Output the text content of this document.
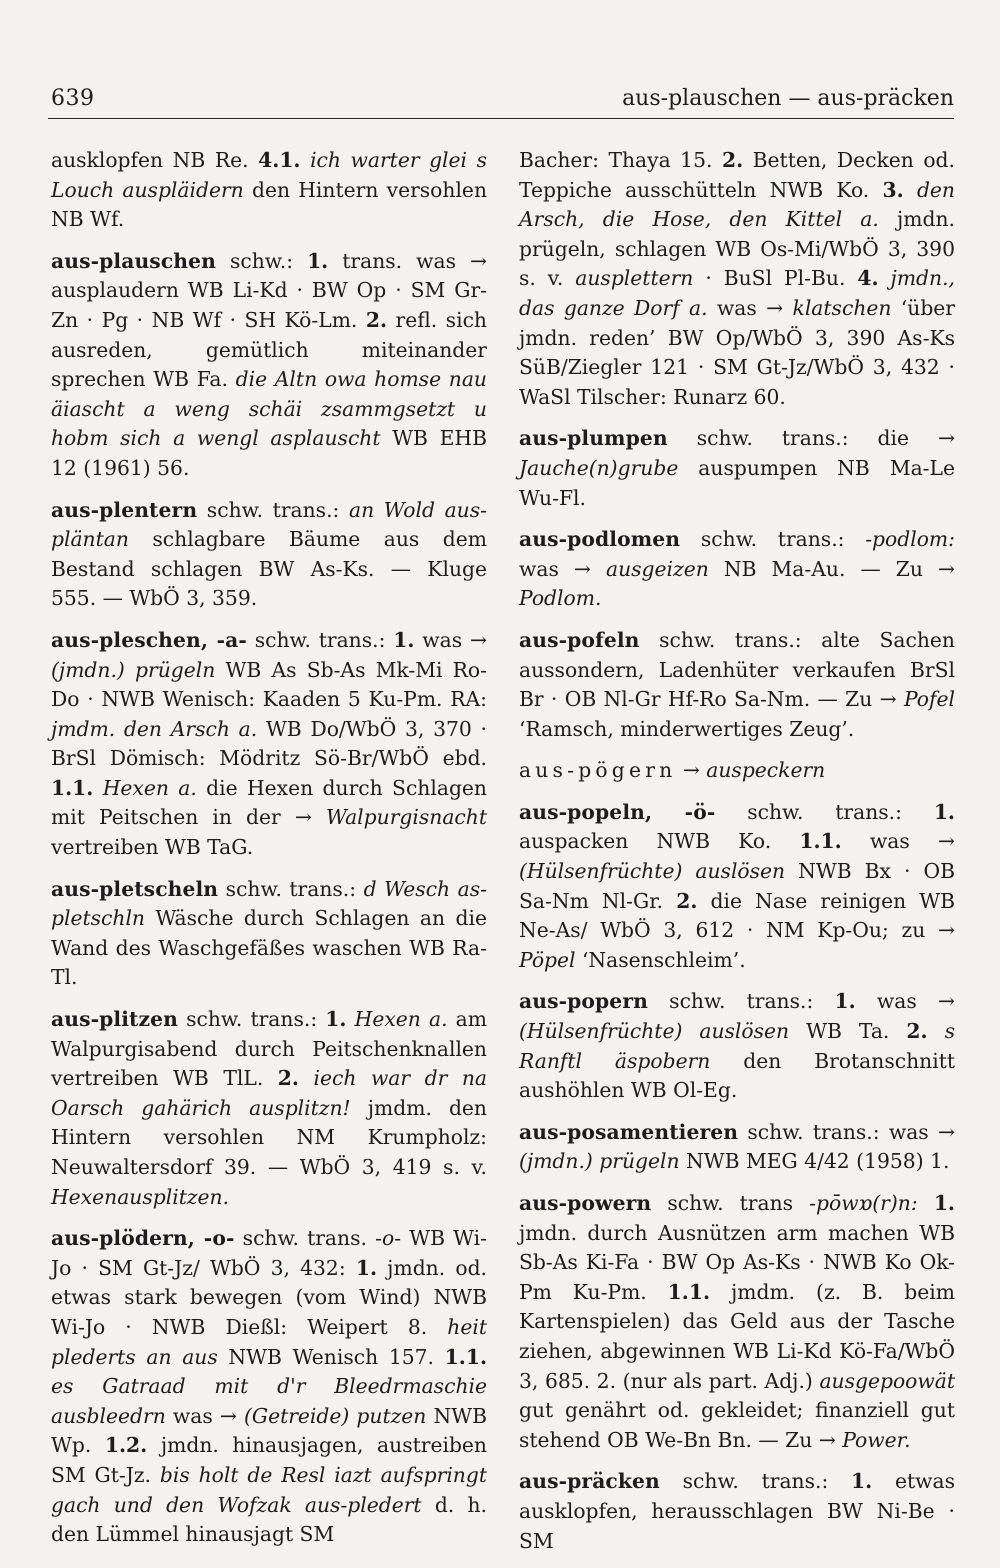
639	aus-plauschen — aus-präcken

ausklopfen NB Re. 4.1. ich warter glei s Louch auspläidern den Hintern versohlen NB Wf.

aus-plauschen schw.: 1. trans. was → ausplaudern WB Li-Kd · BW Op · SM Gr-Zn · Pg · NB Wf · SH Kö-Lm. 2. refl. sich ausreden, gemütlich miteinander sprechen WB Fa. die Altn owa homse nau äiascht a weng schäi zsammgsetzt u hobm sich a wengl asplauscht WB EHB 12 (1961) 56.

aus-plentern schw. trans.: an Wold aus-pläntan schlagbare Bäume aus dem Bestand schlagen BW As-Ks. — Kluge 555. — WbÖ 3, 359.

aus-pleschen, -a- schw. trans.: 1. was → (jmdn.) prügeln WB As Sb-As Mk-Mi Ro-Do · NWB Wenisch: Kaaden 5 Ku-Pm. RA: jmdm. den Arsch a. WB Do/WbÖ 3, 370 · BrSl Dömisch: Mödritz Sö-Br/WbÖ ebd. 1.1. Hexen a. die Hexen durch Schlagen mit Peitschen in der → Walpurgisnacht vertreiben WB TaG.

aus-pletscheln schw. trans.: d Wesch as-pletschln Wäsche durch Schlagen an die Wand des Waschgefäßes waschen WB Ra-Tl.

aus-plitzen schw. trans.: 1. Hexen a. am Walpurgisabend durch Peitschenknallen vertreiben WB TlL. 2. iech war dr na Oarsch gahärich ausplitzn! jmdm. den Hintern versohlen NM Krumpholz: Neuwaltersdorf 39. — WbÖ 3, 419 s. v. Hexenausplitzen.

aus-plödern, -o- schw. trans. -o- WB Wi-Jo · SM Gt-Jz/ WbÖ 3, 432: 1. jmdn. od. etwas stark bewegen (vom Wind) NWB Wi-Jo · NWB Dießl: Weipert 8. heit plederts an aus NWB Wenisch 157. 1.1. es Gatraad mit d'r Bleedrmaschie ausbleedrn was → (Getreide) putzen NWB Wp. 1.2. jmdn. hinausjagen, austreiben SM Gt-Jz. bis holt de Resl iazt aufspringt gach und den Wofzak aus-pledert d. h. den Lümmel hinausjagt SM

Bacher: Thaya 15. 2. Betten, Decken od. Teppiche ausschütteln NWB Ko. 3. den Arsch, die Hose, den Kittel a. jmdn. prügeln, schlagen WB Os-Mi/WbÖ 3, 390 s. v. ausplettern · BuSl Pl-Bu. 4. jmdn., das ganze Dorf a. was → klatschen ‘über jmdn. reden’ BW Op/WbÖ 3, 390 As-Ks SüB/Ziegler 121 · SM Gt-Jz/WbÖ 3, 432 · WaSl Tilscher: Runarz 60.

aus-plumpen schw. trans.: die → Jauche(n)grube auspumpen NB Ma-Le Wu-Fl.

aus-podlomen schw. trans.: -podlom: was → ausgeizen NB Ma-Au. — Zu → Podlom.

aus-pofeln schw. trans.: alte Sachen aussondern, Ladenhüter verkaufen BrSl Br · OB Nl-Gr Hf-Ro Sa-Nm. — Zu → Pofel ‘Ramsch, minderwertiges Zeug’.

aus-pögern → auspeckern

aus-popeln, -ö- schw. trans.: 1. auspacken NWB Ko. 1.1. was → (Hülsenfrüchte) auslösen NWB Bx · OB Sa-Nm Nl-Gr. 2. die Nase reinigen WB Ne-As/ WbÖ 3, 612 · NM Kp-Ou; zu → Pöpel ‘Nasenschleim’.

aus-popern schw. trans.: 1. was → (Hülsenfrüchte) auslösen WB Ta. 2. s Ranftl äspobern den Brotanschnitt aushöhlen WB Ol-Eg.

aus-posamentieren schw. trans.: was → (jmdn.) prügeln NWB MEG 4/42 (1958) 1.

aus-powern schw. trans -pōwɒ(r)n: 1. jmdn. durch Ausnützen arm machen WB Sb-As Ki-Fa · BW Op As-Ks · NWB Ko Ok-Pm Ku-Pm. 1.1. jmdm. (z. B. beim Kartenspielen) das Geld aus der Tasche ziehen, abgewinnen WB Li-Kd Kö-Fa/WbÖ 3, 685. 2. (nur als part. Adj.) ausgepoowät gut genährt od. gekleidet; finanziell gut stehend OB We-Bn Bn. — Zu → Power.

aus-präcken schw. trans.: 1. etwas ausklopfen, herausschlagen BW Ni-Be · SM
